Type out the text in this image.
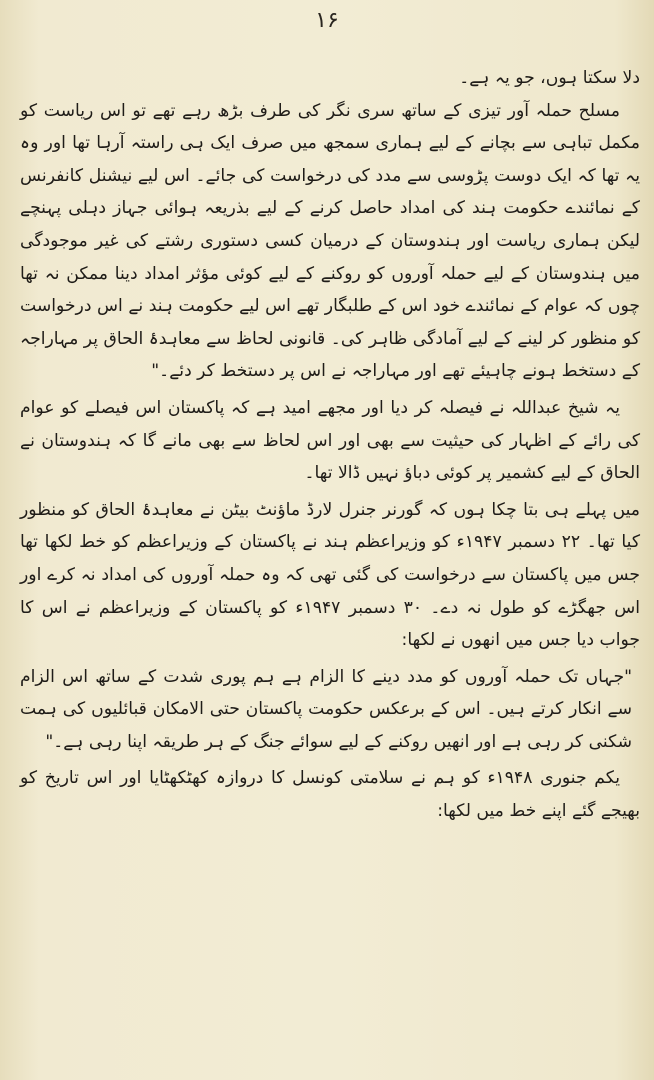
۱۶

دلا سکتا ہوں، جو یہ ہے۔

مسلح حملہ آور تیزی کے ساتھ سری نگر کی طرف بڑھ رہے تھے تو اس ریاست کو مکمل تباہی سے بچانے کے لیے ہماری سمجھ میں صرف ایک ہی راستہ آرہا تھا اور وہ یہ تھا کہ ایک دوست پڑوسی سے مدد کی درخواست کی جائے۔ اس لیے نیشنل کانفرنس کے نمائندے حکومت ہند کی امداد حاصل کرنے کے لیے بذریعہ ہوائی جہاز دہلی پہنچے لیکن ہماری ریاست اور ہندوستان کے درمیان کسی دستوری رشتے کی غیر موجودگی میں ہندوستان کے لیے حملہ آوروں کو روکنے کے لیے کوئی مؤثر امداد دینا ممکن نہ تھا چوں کہ عوام کے نمائندے خود اس کے طلبگار تھے اس لیے حکومت ہند نے اس درخواست کو منظور کر لینے کے لیے آمادگی ظاہر کی۔ قانونی لحاظ سے معاہدۂ الحاق پر مہاراجہ کے دستخط ہونے چاہیئے تھے اور مہاراجہ نے اس پر دستخط کر دئے۔"

یہ شیخ عبداللہ نے فیصلہ کر دیا اور مجھے امید ہے کہ پاکستان اس فیصلے کو عوام کی رائے کے اظہار کی حیثیت سے بھی اور اس لحاظ سے بھی مانے گا کہ ہندوستان نے الحاق کے لیے کشمیر پر کوئی دباؤ نہیں ڈالا تھا۔

میں پہلے ہی بتا چکا ہوں کہ گورنر جنرل لارڈ ماؤنٹ بیٹن نے معاہدۂ الحاق کو منظور کیا تھا۔ ۲۲ دسمبر ۱۹۴۷ء کو وزیراعظم ہند نے پاکستان کے وزیراعظم کو خط لکھا تھا جس میں پاکستان سے درخواست کی گئی تھی کہ وہ حملہ آوروں کی امداد نہ کرے اور اس جھگڑے کو طول نہ دے۔ ۳۰ دسمبر ۱۹۴۷ء کو پاکستان کے وزیراعظم نے اس کا جواب دیا جس میں انھوں نے لکھا:

"جہاں تک حملہ آوروں کو مدد دینے کا الزام ہے ہم پوری شدت کے ساتھ اس الزام سے انکار کرتے ہیں۔ اس کے برعکس حکومت پاکستان حتی الامکان قبائلیوں کی ہمت شکنی کر رہی ہے اور انھیں روکنے کے لیے سوائے جنگ کے ہر طریقہ اپنا رہی ہے۔"

یکم جنوری ۱۹۴۸ء کو ہم نے سلامتی کونسل کا دروازہ کھٹکھٹایا اور اس تاریخ کو بھیجے گئے اپنے خط میں لکھا:
